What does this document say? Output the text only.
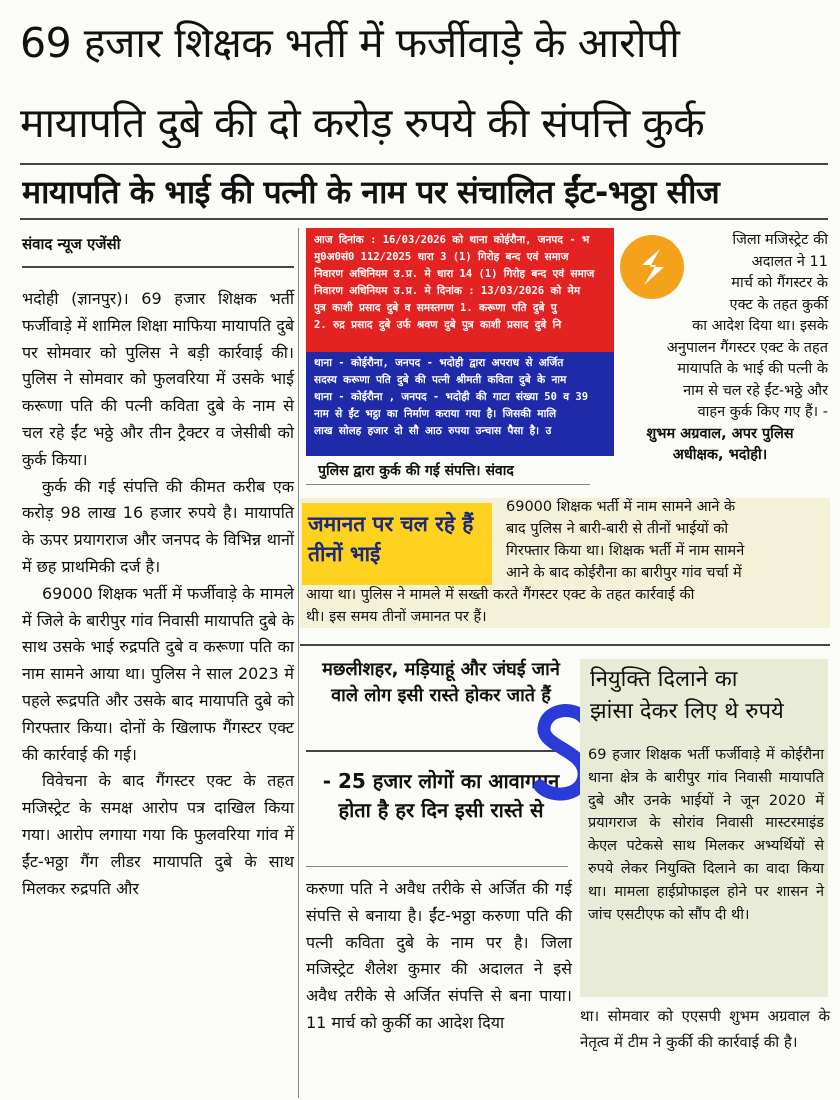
69 हजार शिक्षक भर्ती में फर्जीवाड़े के आरोपी
मायापति दुबे की दो करोड़ रुपये की संपत्ति कुर्क
मायापति के भाई की पत्नी के नाम पर संचालित ईंट-भठ्ठा सीज
संवाद न्यूज एजेंसी

भदोही (ज्ञानपुर)। 69 हजार शिक्षक भर्ती फर्जीवाड़े में शामिल शिक्षा माफिया मायापति दुबे पर सोमवार को पुलिस ने बड़ी कार्रवाई की। पुलिस ने सोमवार को फुलवरिया में उसके भाई करूणा पति की पत्नी कविता दुबे के नाम से चल रहे ईंट भठ्ठे और तीन ट्रैक्टर व जेसीबी को कुर्क किया।

कुर्क की गई संपत्ति की कीमत करीब एक करोड़ 98 लाख 16 हजार रुपये है। मायापति के ऊपर प्रयागराज और जनपद के विभिन्न थानों में छह प्राथमिकी दर्ज है।

69000 शिक्षक भर्ती में फर्जीवाड़े के मामले में जिले के बारीपुर गांव निवासी मायापति दुबे के साथ उसके भाई रुद्रपति दुबे व करूणा पति का नाम सामने आया था। पुलिस ने साल 2023 में पहले रूद्रपति और उसके बाद मायापति दुबे को गिरफ्तार किया। दोनों के खिलाफ गैंगस्टर एक्ट की कार्रवाई की गई।

विवेचना के बाद गैंगस्टर एक्ट के तहत मजिस्ट्रेट के समक्ष आरोप पत्र दाखिल किया गया। आरोप लगाया गया कि फुलवरिया गांव में ईंट-भठ्ठा गैंग लीडर मायापति दुबे के साथ मिलकर रुद्रपति और

आज दिनांक : 16/03/2026 को थाना कोईरौना, जनपद - भ
मु0अ0सं0 112/2025 धारा 3 (1) गिरोह बन्द एवं समाज
निवारण अधिनियम उ.प्र. मे धारा 14 (1) गिरोह बन्द एवं समाज
निवारण अधिनियम उ.प्र. मे दिनांक : 13/03/2026 को मेम
पुत्र काशी प्रसाद दुबे व समस्तगण 1. करूणा पति दुबे पु
2. रुद्र प्रसाद दुबे उर्फ श्रवण दुबे पुत्र काशी प्रसाद दुबे नि
थाना - कोईरौना, जनपद - भदोही द्वारा अपराध से अर्जित
सदस्य करूणा पति दुबे की पत्नी श्रीमती कविता दुबे के नाम
थाना - कोईरौना , जनपद - भदोही की गाटा संख्या 50 व 39
नाम से ईंट भट्ठा का निर्माण कराया गया है। जिसकी मालि
लाख सोलह हजार दो सौ आठ रुपया उन्चास पैसा है। उ
पुलिस द्वारा कुर्क की गई संपत्ति। संवाद

जिला मजिस्ट्रेट की

अदालत ने 11

मार्च को गैंगस्टर के

एक्ट के तहत कुर्की

का आदेश दिया था। इसके

अनुपालन गैंगस्टर एक्ट के तहत

मायापति के भाई की पत्नी के

नाम से चल रहे ईंट-भठ्ठे और

वाहन कुर्क किए गए हैं। -

शुभम अग्रवाल, अपर पुलिस

अधीक्षक, भदोही।

जमानत पर चल रहे हैं तीनों भाई
69000 शिक्षक भर्ती में नाम सामने आने के
बाद पुलिस ने बारी-बारी से तीनों भाईयों को
गिरफ्तार किया था। शिक्षक भर्ती में नाम सामने
आने के बाद कोईरौना का बारीपुर गांव चर्चा में
आया था। पुलिस ने मामले में सख्ती करते गैंगस्टर एक्ट के तहत कार्रवाई की
थी। इस समय तीनों जमानत पर हैं।
मछलीशहर, मड़ियाहूं और जंघई जाने वाले लोग इसी रास्ते होकर जाते हैं
- 25 हजार लोगों का आवागमन होता है हर दिन इसी रास्ते से

करुणा पति ने अवैध तरीके से अर्जित की गई संपत्ति से बनाया है। ईंट-भठ्ठा करुणा पति की पत्नी कविता दुबे के नाम पर है। जिला मजिस्ट्रेट शैलेश कुमार की अदालत ने इसे अवैध तरीके से अर्जित संपत्ति से बना पाया। 11 मार्च को कुर्की का आदेश दिया

नियुक्ति दिलाने का
झांसा देकर लिए थे रुपये

69 हजार शिक्षक भर्ती फर्जीवाड़े में कोईरौना थाना क्षेत्र के बारीपुर गांव निवासी मायापति दुबे और उनके भाईयों ने जून 2020 में प्रयागराज के सोरांव निवासी मास्टरमाइंड केएल पटेकसे साथ मिलकर अभ्यर्थियों से रुपये लेकर नियुक्ति दिलाने का वादा किया था। मामला हाईप्रोफाइल होने पर शासन ने जांच एसटीएफ को सौंप दी थी।

था। सोमवार को एएसपी शुभम अग्रवाल के नेतृत्व में टीम ने कुर्की की कार्रवाई की है।
